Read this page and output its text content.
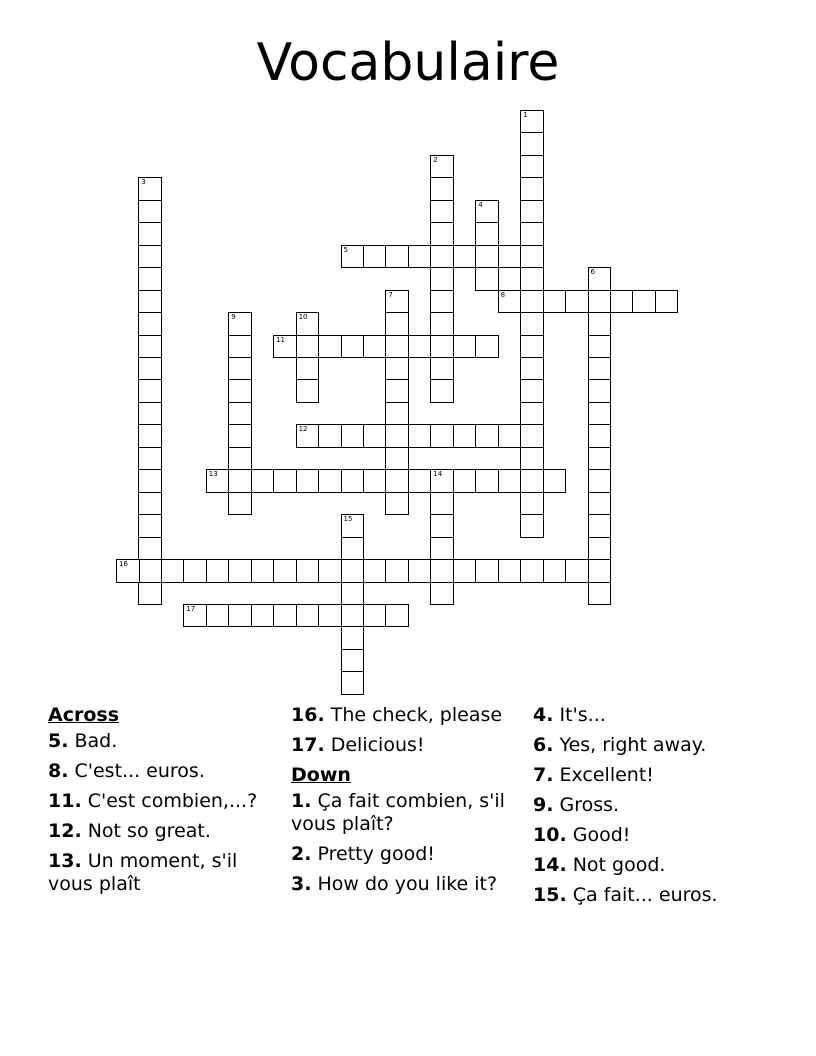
Vocabulaire
1
2
3
4
5
6
7	8
9	10
11
12
13	14
15
16
17
Across
5. Bad.
8. C'est... euros.
11. C'est combien,...?
12. Not so great.
13. Un moment, s'il vous plaît
16. The check, please
17. Delicious!
Down
1. Ça fait combien, s'il vous plaît?
2. Pretty good!
3. How do you like it?
4. It's...
6. Yes, right away.
7. Excellent!
9. Gross.
10. Good!
14. Not good.
15. Ça fait... euros.
